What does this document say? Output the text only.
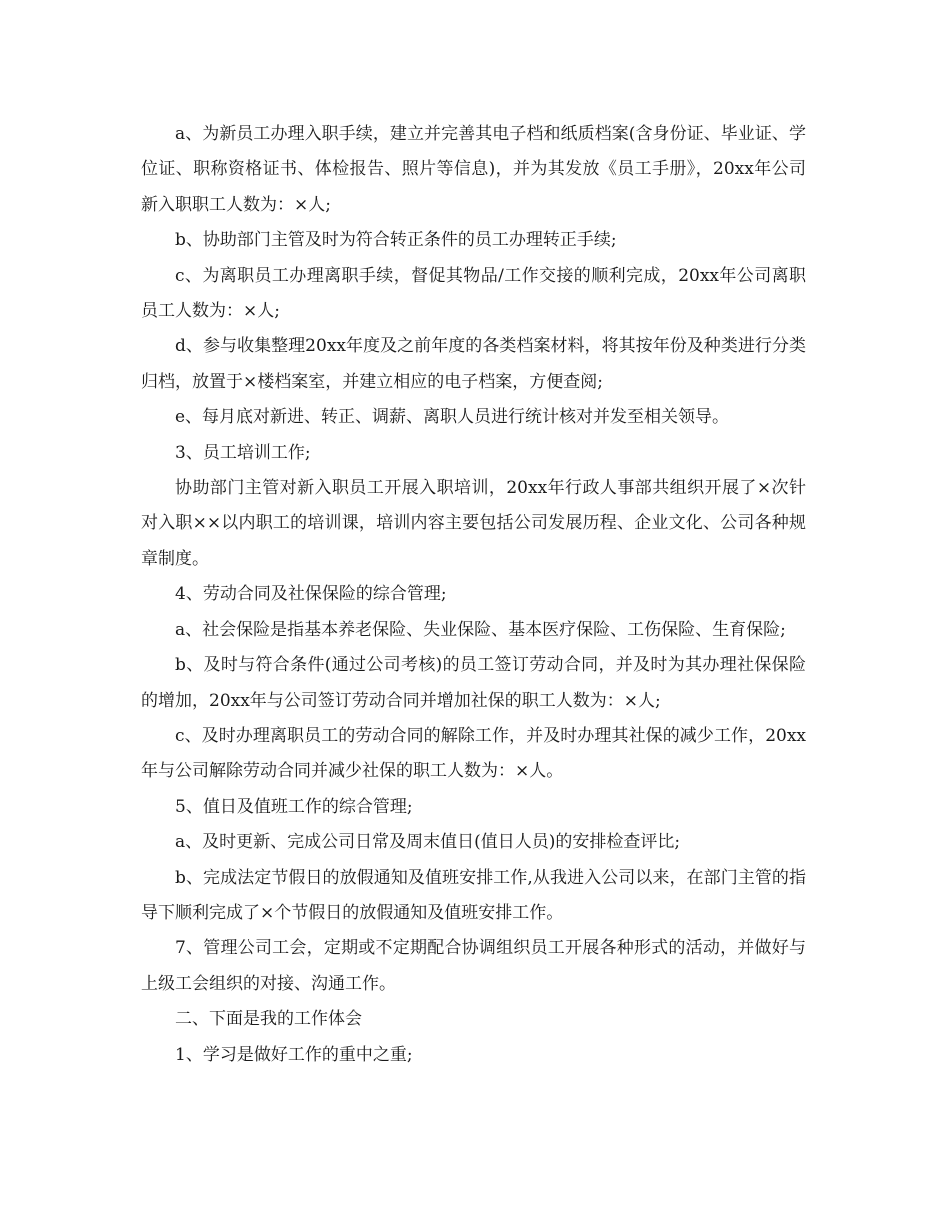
a、为新员工办理入职手续，建立并完善其电子档和纸质档案(含身份证、毕业证、学位证、职称资格证书、体检报告、照片等信息)，并为其发放《员工手册》，20xx年公司新入职职工人数为：×人;

b、协助部门主管及时为符合转正条件的员工办理转正手续;

c、为离职员工办理离职手续，督促其物品/工作交接的顺利完成，20xx年公司离职员工人数为：×人;

d、参与收集整理20xx年度及之前年度的各类档案材料，将其按年份及种类进行分类归档，放置于×楼档案室，并建立相应的电子档案，方便查阅;

e、每月底对新进、转正、调薪、离职人员进行统计核对并发至相关领导。

3、员工培训工作;

协助部门主管对新入职员工开展入职培训，20xx年行政人事部共组织开展了×次针对入职××以内职工的培训课，培训内容主要包括公司发展历程、企业文化、公司各种规章制度。

4、劳动合同及社保保险的综合管理;

a、社会保险是指基本养老保险、失业保险、基本医疗保险、工伤保险、生育保险;

b、及时与符合条件(通过公司考核)的员工签订劳动合同，并及时为其办理社保保险的增加，20xx年与公司签订劳动合同并增加社保的职工人数为：×人;

c、及时办理离职员工的劳动合同的解除工作，并及时办理其社保的减少工作，20xx年与公司解除劳动合同并减少社保的职工人数为：×人。

5、值日及值班工作的综合管理;

a、及时更新、完成公司日常及周末值日(值日人员)的安排检查评比;

b、完成法定节假日的放假通知及值班安排工作,从我进入公司以来，在部门主管的指导下顺利完成了×个节假日的放假通知及值班安排工作。

7、管理公司工会，定期或不定期配合协调组织员工开展各种形式的活动，并做好与上级工会组织的对接、沟通工作。

二、下面是我的工作体会

1、学习是做好工作的重中之重;
